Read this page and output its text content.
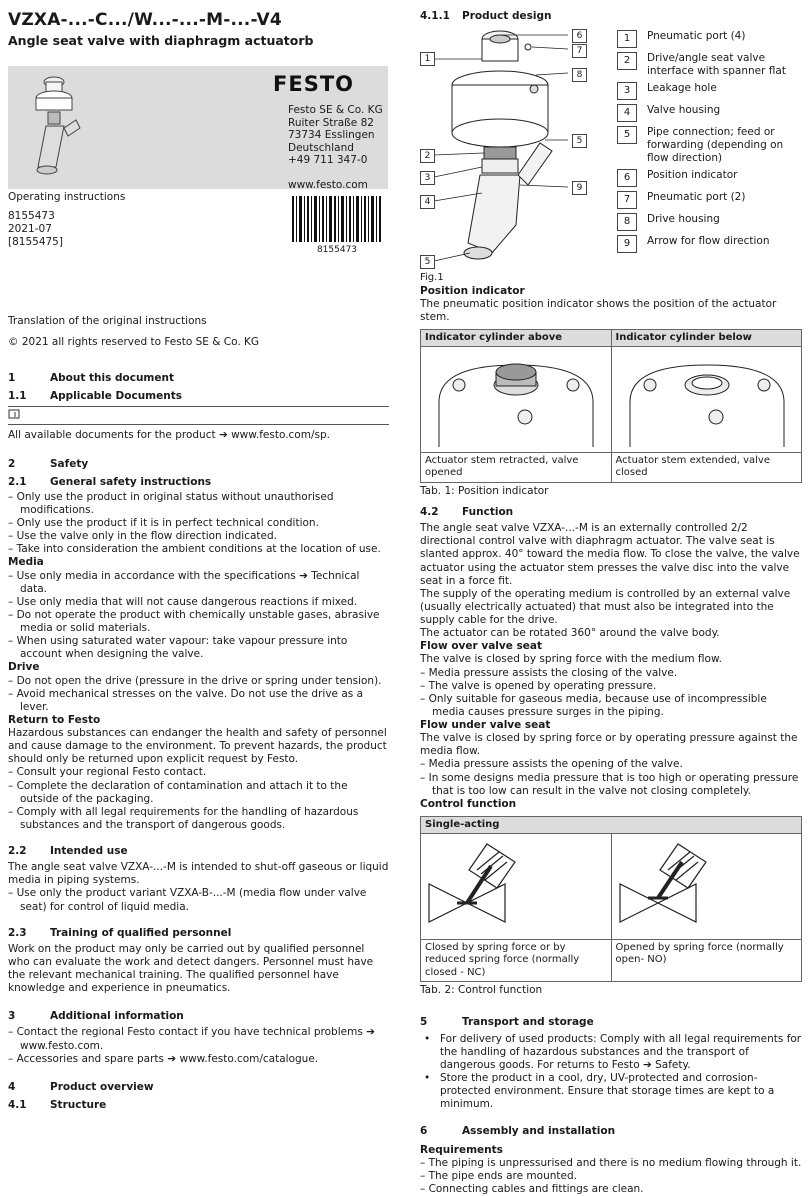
VZXA-...-C.../W...-...-M-...-V4
Angle seat valve with diaphragm actuatorb
FESTO
Festo SE & Co. KG
Ruiter Straße 82
73734 Esslingen
Deutschland
+49 711 347-0
www.festo.com
Operating instructions
8155473
2021-07
[8155475]
8155473
Translation of the original instructions
© 2021 all rights reserved to Festo SE & Co. KG
1	About this document
1.1	Applicable Documents

All available documents for the product ➔ www.festo.com/sp.

2	Safety
2.1	General safety instructions
– Only use the product in original status without unauthorised modifications.
– Only use the product if it is in perfect technical condition.
– Use the valve only in the flow direction indicated.
– Take into consideration the ambient conditions at the location of use.
Media
– Use only media in accordance with the specifications ➔ Technical data.
– Use only media that will not cause dangerous reactions if mixed.
– Do not operate the product with chemically unstable gases, abrasive media or solid materials.
– When using saturated water vapour: take vapour pressure into account when designing the valve.
Drive
– Do not open the drive (pressure in the drive or spring under tension).
– Avoid mechanical stresses on the valve. Do not use the drive as a lever.
Return to Festo

Hazardous substances can endanger the health and safety of personnel and cause damage to the environment. To prevent hazards, the product should only be returned upon explicit request by Festo.

– Consult your regional Festo contact.
– Complete the declaration of contamination and attach it to the outside of the packaging.
– Comply with all legal requirements for the handling of hazardous substances and the transport of dangerous goods.
2.2	Intended use

The angle seat valve VZXA-...-M is intended to shut-off gaseous or liquid media in piping systems.

– Use only the product variant VZXA-B-...-M (media flow under valve seat) for control of liquid media.
2.3	Training of qualified personnel

Work on the product may only be carried out by qualified personnel who can evaluate the work and detect dangers. Personnel must have the relevant mechanical training. The qualified personnel have knowledge and experience in pneumatics.

3	Additional information
– Contact the regional Festo contact if you have technical problems ➔ www.festo.com.
– Accessories and spare parts ➔ www.festo.com/catalogue.
4	Product overview
4.1	Structure
4.1.1	Product design
1
6
7
8
5
2
9
3
4
5
1	Pneumatic port (4)
2	Drive/angle seat valve interface with spanner flat
3	Leakage hole
4	Valve housing
5	Pipe connection; feed or forwarding (depending on flow direction)
6	Position indicator
7	Pneumatic port (2)
8	Drive housing
9	Arrow for flow direction
Fig.1
Position indicator

The pneumatic position indicator shows the position of the actuator stem.

Indicator cylinder above	Indicator cylinder below

Actuator stem retracted, valve opened	Actuator stem extended, valve closed
Tab. 1: Position indicator
4.2	Function

The angle seat valve VZXA-...-M is an externally controlled 2/2 directional control valve with diaphragm actuator. The valve seat is slanted approx. 40° toward the media flow. To close the valve, the valve actuator using the actuator stem presses the valve disc into the valve seat in a force fit.

The supply of the operating medium is controlled by an external valve (usually electrically actuated) that must also be integrated into the supply cable for the drive.

The actuator can be rotated 360° around the valve body.

Flow over valve seat

The valve is closed by spring force with the medium flow.

– Media pressure assists the closing of the valve.
– The valve is opened by operating pressure.
– Only suitable for gaseous media, because use of incompressible media causes pressure surges in the piping.
Flow under valve seat

The valve is closed by spring force or by operating pressure against the media flow.

– Media pressure assists the opening of the valve.
– In some designs media pressure that is too high or operating pressure that is too low can result in the valve not closing completely.
Control function
Single-acting	

Closed by spring force or by reduced spring force (normally closed - NC)	Opened by spring force (normally open- NO)
Tab. 2: Control function
5	Transport and storage
• For delivery of used products: Comply with all legal requirements for the handling of hazardous substances and the transport of dangerous goods. For returns to Festo ➔ Safety.
• Store the product in a cool, dry, UV-protected and corrosion-protected environment. Ensure that storage times are kept to a minimum.
6	Assembly and installation
Requirements
– The piping is unpressurised and there is no medium flowing through it.
– The pipe ends are mounted.
– Connecting cables and fittings are clean.
